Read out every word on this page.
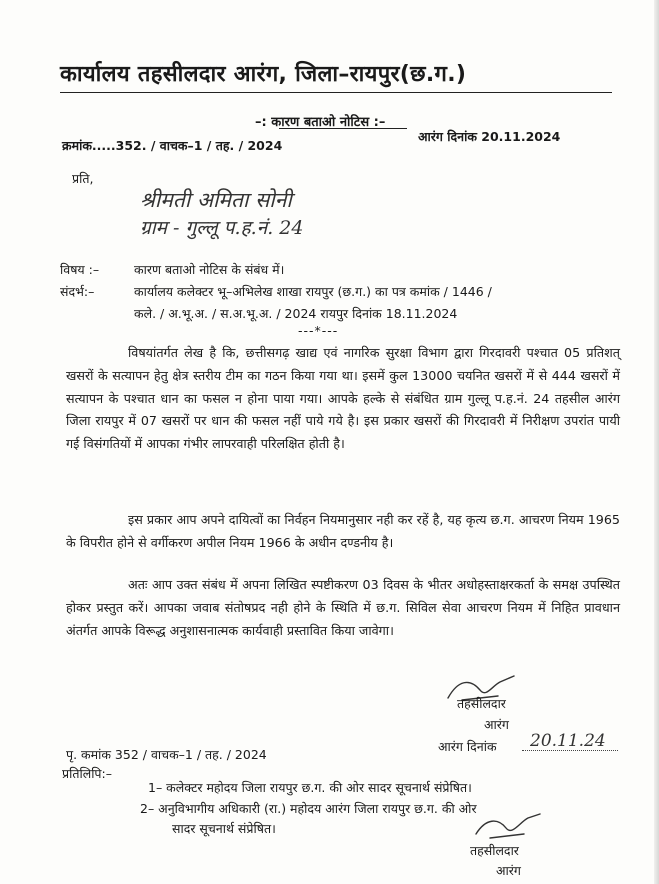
कार्यालय तहसीलदार आरंग, जिला–रायपुर(छ.ग.)
–: कारण बताओ नोटिस :–
क्रमांक.....352. / वाचक–1 / तह. / 2024
आरंग दिनांक 20.11.2024
प्रति,
श्रीमती अमिता सोनी
ग्राम - गुल्लू प.ह.नं. 24
विषय :–	कारण बताओ नोटिस के संबंध में।
संदर्भ:–	कार्यालय कलेक्टर भू–अभिलेख शाखा रायपुर (छ.ग.) का पत्र कमांक / 1446 /
कले. / अ.भू.अ. / स.अ.भू.अ. / 2024 रायपुर दिनांक 18.11.2024
---*---
विषयांतर्गत लेख है कि, छत्तीसगढ़ खाद्य एवं नागरिक सुरक्षा विभाग द्वारा गिरदावरी पश्चात 05 प्रतिशत् खसरों के सत्यापन हेतु क्षेत्र स्तरीय टीम का गठन किया गया था। इसमें कुल 13000 चयनित खसरों में से 444 खसरों में सत्यापन के पश्चात धान का फसल न होना पाया गया। आपके हल्के से संबंधित ग्राम गुल्लू प.ह.नं. 24 तहसील आरंग जिला रायपुर में 07 खसरों पर धान की फसल नहीं पाये गये है। इस प्रकार खसरों की गिरदावरी में निरीक्षण उपरांत पायी गई विसंगतियों में आपका गंभीर लापरवाही परिलक्षित होती है।
इस प्रकार आप अपने दायित्वों का निर्वहन नियमानुसार नही कर रहें है, यह कृत्य छ.ग. आचरण नियम 1965 के विपरीत होने से वर्गीकरण अपील नियम 1966 के अधीन दण्डनीय है।
अतः आप उक्त संबंध में अपना लिखित स्पष्टीकरण 03 दिवस के भीतर अधोहस्ताक्षरकर्ता के समक्ष उपस्थित होकर प्रस्तुत करें। आपका जवाब संतोषप्रद नही होने के स्थिति में छ.ग. सिविल सेवा आचरण नियम में निहित प्रावधान अंतर्गत आपके विरूद्ध अनुशासनात्मक कार्यवाही प्रस्तावित किया जावेगा।
तहसीलदार
आरंग
पृ. कमांक 352 / वाचक–1 / तह. / 2024
आरंग दिनांक 20.11.24
प्रतिलिपि:–
1– कलेक्टर महोदय जिला रायपुर छ.ग. की ओर सादर सूचनार्थ संप्रेषित।
2– अनुविभागीय अधिकारी (रा.) महोदय आरंग जिला रायपुर छ.ग. की ओर
सादर सूचनार्थ संप्रेषित।
तहसीलदार
आरंग
